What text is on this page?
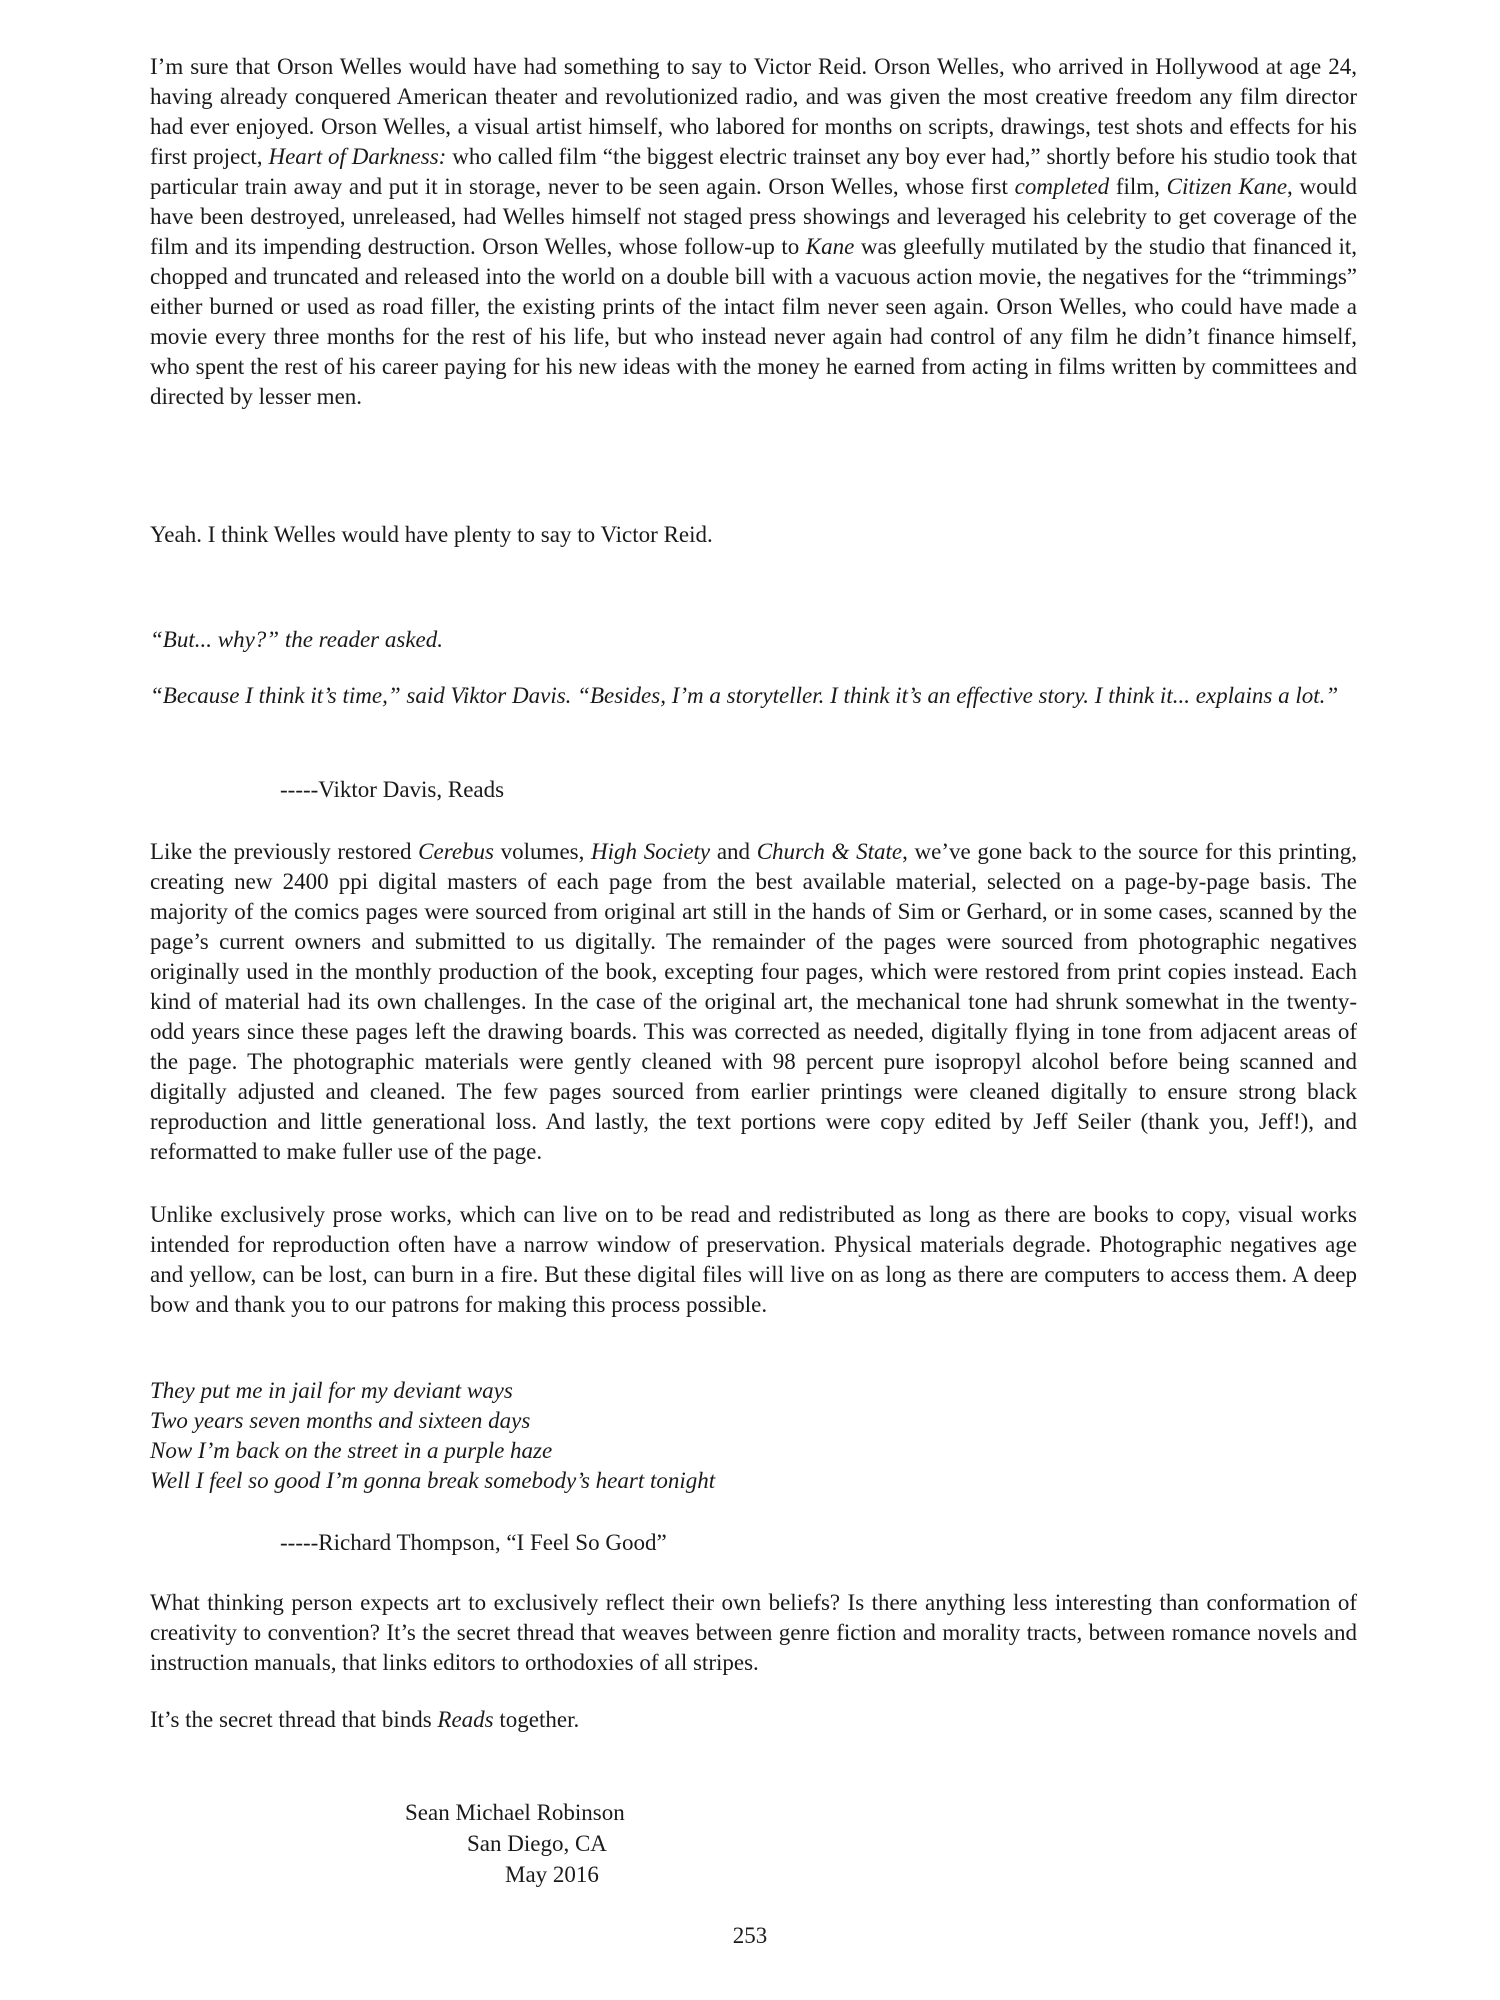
I’m sure that Orson Welles would have had something to say to Victor Reid. Orson Welles, who arrived in Hollywood at age 24, having already conquered American theater and revolutionized radio, and was given the most creative freedom any film director had ever enjoyed. Orson Welles, a visual artist himself, who labored for months on scripts, drawings, test shots and effects for his first project, Heart of Darkness: who called film “the biggest electric trainset any boy ever had,” shortly before his studio took that particular train away and put it in storage, never to be seen again. Orson Welles, whose first completed film, Citizen Kane, would have been destroyed, unreleased, had Welles himself not staged press showings and leveraged his celebrity to get coverage of the film and its impending destruction. Orson Welles, whose follow-up to Kane was gleefully mutilated by the studio that financed it, chopped and truncated and released into the world on a double bill with a vacuous action movie, the negatives for the “trimmings” either burned or used as road filler, the existing prints of the intact film never seen again. Orson Welles, who could have made a movie every three months for the rest of his life, but who instead never again had control of any film he didn’t finance himself, who spent the rest of his career paying for his new ideas with the money he earned from acting in films written by committees and directed by lesser men.

Yeah. I think Welles would have plenty to say to Victor Reid.

“But... why?” the reader asked.

“Because I think it’s time,” said Viktor Davis. “Besides, I’m a storyteller. I think it’s an effective story. I think it... explains a lot.”

-----Viktor Davis, Reads

Like the previously restored Cerebus volumes, High Society and Church & State, we’ve gone back to the source for this printing, creating new 2400 ppi digital masters of each page from the best available material, selected on a page-by-page basis. The majority of the comics pages were sourced from original art still in the hands of Sim or Gerhard, or in some cases, scanned by the page’s current owners and submitted to us digitally. The remainder of the pages were sourced from photographic negatives originally used in the monthly production of the book, excepting four pages, which were restored from print copies instead. Each kind of material had its own challenges. In the case of the original art, the mechanical tone had shrunk somewhat in the twenty-odd years since these pages left the drawing boards. This was corrected as needed, digitally flying in tone from adjacent areas of the page. The photographic materials were gently cleaned with 98 percent pure isopropyl alcohol before being scanned and digitally adjusted and cleaned. The few pages sourced from earlier printings were cleaned digitally to ensure strong black reproduction and little generational loss. And lastly, the text portions were copy edited by Jeff Seiler (thank you, Jeff!), and reformatted to make fuller use of the page.

Unlike exclusively prose works, which can live on to be read and redistributed as long as there are books to copy, visual works intended for reproduction often have a narrow window of preservation. Physical materials degrade. Photographic negatives age and yellow, can be lost, can burn in a fire. But these digital files will live on as long as there are computers to access them. A deep bow and thank you to our patrons for making this process possible.

They put me in jail for my deviant ways
Two years seven months and sixteen days
Now I’m back on the street in a purple haze
Well I feel so good I’m gonna break somebody’s heart tonight

-----Richard Thompson, “I Feel So Good”

What thinking person expects art to exclusively reflect their own beliefs? Is there anything less interesting than conformation of creativity to convention? It’s the secret thread that weaves between genre fiction and morality tracts, between romance novels and instruction manuals, that links editors to orthodoxies of all stripes.

It’s the secret thread that binds Reads together.

Sean Michael Robinson
San Diego, CA
May 2016
253
